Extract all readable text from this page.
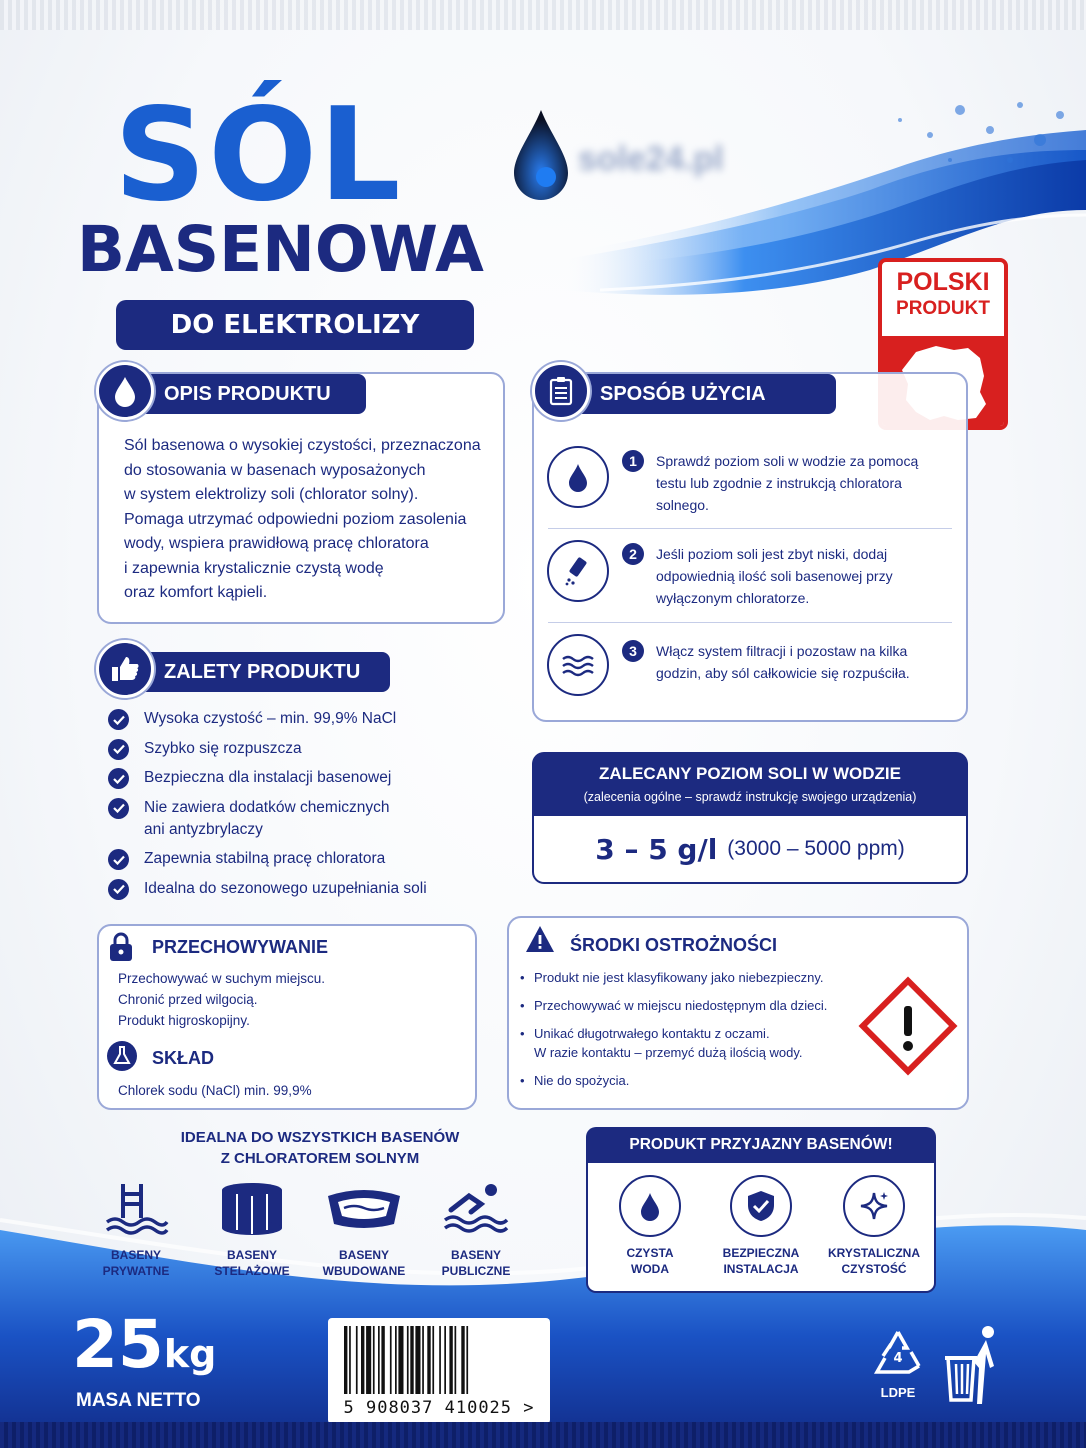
SÓL
BASENOWA
DO ELEKTROLIZY
sole24.pl
POLSKI
PRODUKT
OPIS PRODUKTU
Sól basenowa o wysokiej czystości, przeznaczona
do stosowania w basenach wyposażonych
w system elektrolizy soli (chlorator solny).
Pomaga utrzymać odpowiedni poziom zasolenia
wody, wspiera prawidłową pracę chloratora
i zapewnia krystalicznie czystą wodę
oraz komfort kąpieli.
ZALETY PRODUKTU
Wysoka czystość – min. 99,9% NaCl
Szybko się rozpuszcza
Bezpieczna dla instalacji basenowej
Nie zawiera dodatków chemicznych ani antyzbrylaczy
Zapewnia stabilną pracę chloratora
Idealna do sezonowego uzupełniania soli
SPOSÓB UŻYCIA
1	Sprawdź poziom soli w wodzie za pomocą
testu lub zgodnie z instrukcją chloratora
solnego.
2	Jeśli poziom soli jest zbyt niski, dodaj
odpowiednią ilość soli basenowej przy
wyłączonym chloratorze.
3	Włącz system filtracji i pozostaw na kilka
godzin, aby sól całkowicie się rozpuściła.
ZALECANY POZIOM SOLI W WODZIE
(zalecenia ogólne – sprawdź instrukcję swojego urządzenia)
3 – 5 g/l (3000 – 5000 ppm)
PRZECHOWYWANIE
Przechowywać w suchym miejscu.
Chronić przed wilgocią.
Produkt higroskopijny.
SKŁAD
Chlorek sodu (NaCl) min. 99,9%
ŚRODKI OSTROŻNOŚCI
• Produkt nie jest klasyfikowany jako niebezpieczny.
• Przechowywać w miejscu niedostępnym dla dzieci.
• Unikać długotrwałego kontaktu z oczami.
W razie kontaktu – przemyć dużą ilością wody.
• Nie do spożycia.
IDEALNA DO WSZYSTKICH BASENÓW
Z CHLORATOREM SOLNYM
BASENY
PRYWATNE
BASENY
STELAŻOWE
BASENY
WBUDOWANE
BASENY
PUBLICZNE
PRODUKT PRZYJAZNY BASENÓW!
CZYSTA
WODA
BEZPIECZNA
INSTALACJA
KRYSTALICZNA
CZYSTOŚĆ
25kg
MASA NETTO	5 908037 410025 >
4
LDPE
